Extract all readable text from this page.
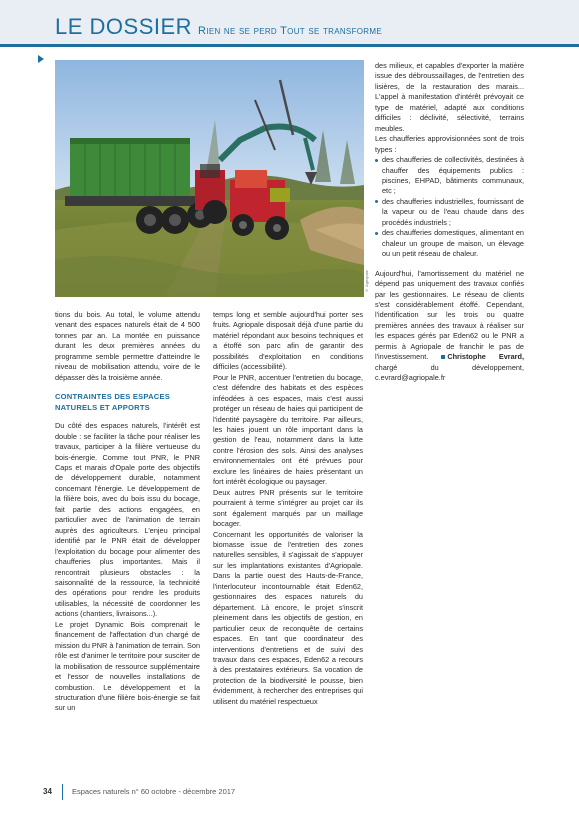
LE DOSSIER Rien ne se perd Tout se transforme
© Agriopale

tions du bois. Au total, le volume attendu venant des espaces naturels était de 4 500 tonnes par an. La montée en puissance durant les deux premières années du programme semble permettre d'atteindre le niveau de mobilisation attendu, voire de le dépasser dès la troisième année.

CONTRAINTES DES ESPACES NATURELS ET APPORTS

Du côté des espaces naturels, l'intérêt est double : se faciliter la tâche pour réaliser les travaux, participer à la filière vertueuse du bois-énergie. Comme tout PNR, le PNR Caps et marais d'Opale porte des objectifs de développement durable, notamment concernant l'énergie. Le développement de la filière bois, avec du bois issu du bocage, fait partie des actions engagées, en particulier avec de l'animation de terrain auprès des agriculteurs. L'enjeu principal identifié par le PNR était de développer l'exploitation du bocage pour alimenter des chaufferies plus importantes. Mais il rencontrait plusieurs obstacles : la saisonnalité de la ressource, la technicité des opérations pour rendre les produits utilisables, la nécessité de coordonner les actions (chantiers, livraisons...).

Le projet Dynamic Bois comprenait le financement de l'affectation d'un chargé de mission du PNR à l'animation de terrain. Son rôle est d'animer le territoire pour susciter de la mobilisation de ressource supplémentaire et l'essor de nouvelles installations de combustion. Le développement et la structuration d'une filière bois-énergie se fait sur un

temps long et semble aujourd'hui porter ses fruits. Agriopale disposait déjà d'une partie du matériel répondant aux besoins techniques et a étoffé son parc afin de garantir des possibilités d'exploitation en conditions difficiles (accessibilité).

Pour le PNR, accentuer l'entretien du bocage, c'est défendre des habitats et des espèces inféodées à ces espaces, mais c'est aussi protéger un réseau de haies qui participent de l'identité paysagère du territoire. Par ailleurs, les haies jouent un rôle important dans la gestion de l'eau, notamment dans la lutte contre l'érosion des sols. Ainsi des analyses environnementales ont été prévues pour exclure les linéaires de haies présentant un fort intérêt écologique ou paysager.

Deux autres PNR présents sur le territoire pourraient à terme s'intégrer au projet car ils sont également marqués par un maillage bocager.

Concernant les opportunités de valoriser la biomasse issue de l'entretien des zones naturelles sensibles, il s'agissait de s'appuyer sur les implantations existantes d'Agriopale. Dans la partie ouest des Hauts-de-France, l'interlocuteur incontournable était Eden62, gestionnaires des espaces naturels du département. Là encore, le projet s'inscrit pleinement dans les objectifs de gestion, en particulier ceux de reconquête de certains espaces. En tant que coordinateur des interventions d'entretiens et de suivi des travaux dans ces espaces, Eden62 a recours à des prestataires extérieurs. Sa vocation de protection de la biodiversité le pousse, bien évidemment, à rechercher des entreprises qui utilisent du matériel respectueux

des milieux, et capables d'exporter la matière issue des débroussaillages, de l'entretien des lisières, de la restauration des marais... L'appel à manifestation d'intérêt prévoyait ce type de matériel, adapté aux conditions difficiles : déclivité, sélectivité, terrains meubles.

Les chaufferies approvisionnées sont de trois types :

des chaufferies de collectivités, destinées à chauffer des équipements publics : piscines, EHPAD, bâtiments communaux, etc ;
des chaufferies industrielles, fournissant de la vapeur ou de l'eau chaude dans des procédés industriels ;
des chaufferies domestiques, alimentant en chaleur un groupe de maison, un élevage ou un petit réseau de chaleur.

Aujourd'hui, l'amortissement du matériel ne dépend pas uniquement des travaux confiés par les gestionnaires. Le réseau de clients s'est considérablement étoffé. Cependant, l'identification sur les trois ou quatre premières années des travaux à réaliser sur les espaces gérés par Eden62 ou le PNR a permis à Agriopale de franchir le pas de l'investissement.	Christophe Evrard, chargé du développement, c.evrard@agriopale.fr

34	Espaces naturels n° 60 octobre - décembre 2017
